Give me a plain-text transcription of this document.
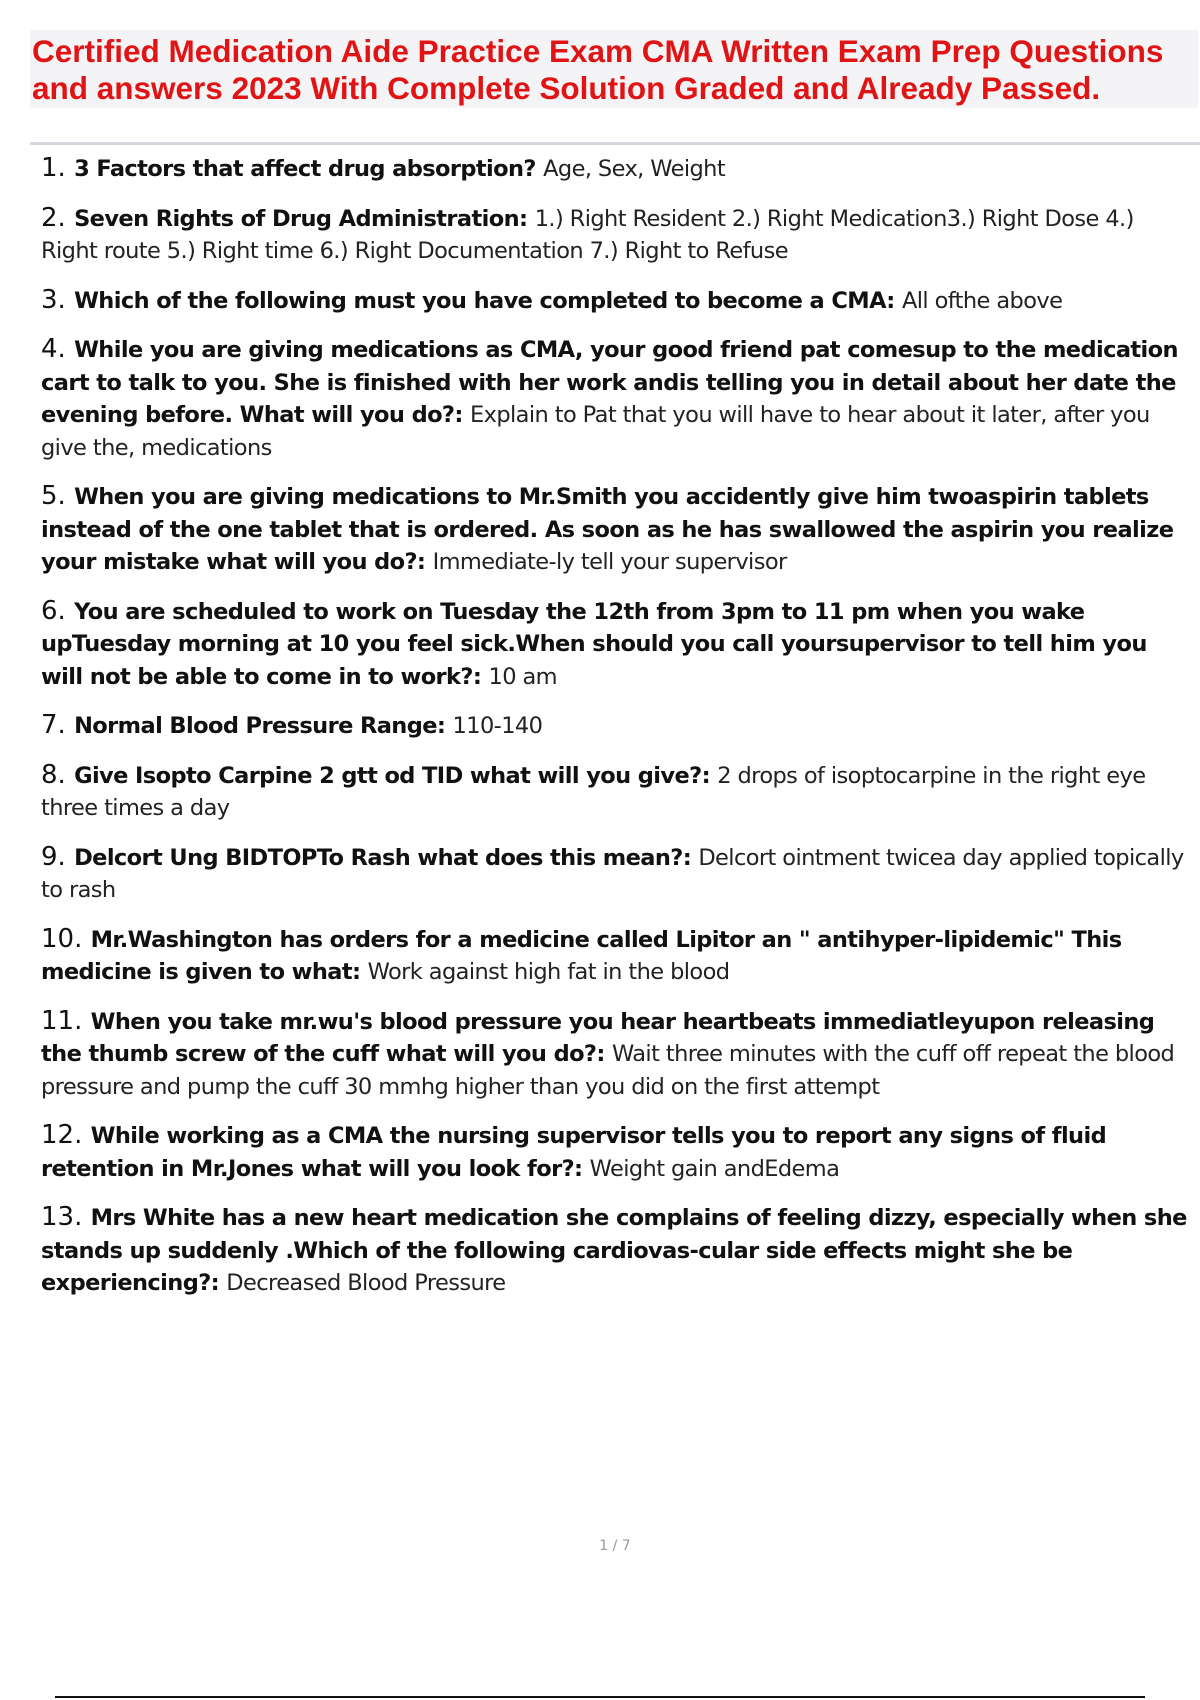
Certified Medication Aide Practice Exam CMA Written Exam Prep Questions

and answers 2023 With Complete Solution Graded and Already Passed.

1. 3 Factors that affect drug absorption? Age, Sex, Weight
2. Seven Rights of Drug Administration: 1.) Right Resident 2.) Right Medication3.) Right Dose 4.) Right route 5.) Right time 6.) Right Documentation 7.) Right to Refuse
3. Which of the following must you have completed to become a CMA: All ofthe above
4. While you are giving medications as CMA, your good friend pat comesup to the medication cart to talk to you. She is finished with her work andis telling you in detail about her date the evening before. What will you do?: Explain to Pat that you will have to hear about it later, after you give the, medications
5. When you are giving medications to Mr.Smith you accidently give him twoaspirin tablets instead of the one tablet that is ordered. As soon as he has swallowed the aspirin you realize your mistake what will you do?: Immediate-ly tell your supervisor
6. You are scheduled to work on Tuesday the 12th from 3pm to 11 pm when you wake upTuesday morning at 10 you feel sick.When should you call yoursupervisor to tell him you will not be able to come in to work?: 10 am
7. Normal Blood Pressure Range: 110-140
8. Give Isopto Carpine 2 gtt od TID what will you give?: 2 drops of isoptocarpine in the right eye three times a day
9. Delcort Ung BIDTOPTo Rash what does this mean?: Delcort ointment twicea day applied topically to rash
10. Mr.Washington has orders for a medicine called Lipitor an " antihyper-lipidemic" This medicine is given to what: Work against high fat in the blood
11. When you take mr.wu's blood pressure you hear heartbeats immediatleyupon releasing the thumb screw of the cuff what will you do?: Wait three minutes with the cuff off repeat the blood pressure and pump the cuff 30 mmhg higher than you did on the first attempt
12. While working as a CMA the nursing supervisor tells you to report any signs of fluid retention in Mr.Jones what will you look for?: Weight gain andEdema
13. Mrs White has a new heart medication she complains of feeling dizzy, especially when she stands up suddenly .Which of the following cardiovas-cular side effects might she be experiencing?: Decreased Blood Pressure
1 / 7
